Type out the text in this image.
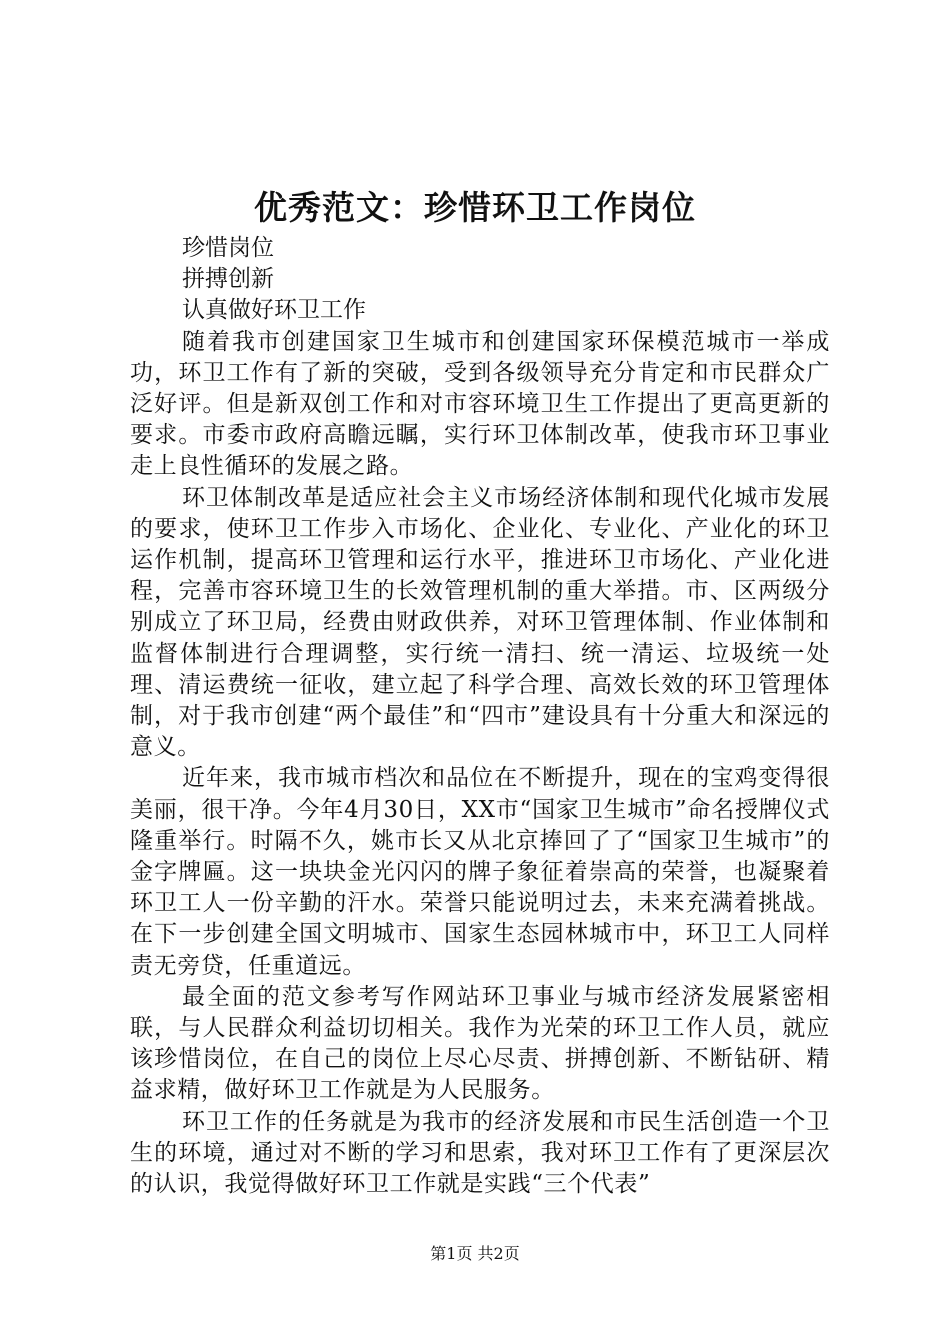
优秀范文：珍惜环卫工作岗位

珍惜岗位

拼搏创新

认真做好环卫工作

随着我市创建国家卫生城市和创建国家环保模范城市一举成功，环卫工作有了新的突破，受到各级领导充分肯定和市民群众广泛好评。但是新双创工作和对市容环境卫生工作提出了更高更新的要求。市委市政府高瞻远瞩，实行环卫体制改革，使我市环卫事业走上良性循环的发展之路。

环卫体制改革是适应社会主义市场经济体制和现代化城市发展的要求，使环卫工作步入市场化、企业化、专业化、产业化的环卫运作机制，提高环卫管理和运行水平，推进环卫市场化、产业化进程，完善市容环境卫生的长效管理机制的重大举措。市、区两级分别成立了环卫局，经费由财政供养，对环卫管理体制、作业体制和监督体制进行合理调整，实行统一清扫、统一清运、垃圾统一处理、清运费统一征收，建立起了科学合理、高效长效的环卫管理体制，对于我市创建“两个最佳”和“四市”建设具有十分重大和深远的意义。

近年来，我市城市档次和品位在不断提升，现在的宝鸡变得很美丽，很干净。今年4月30日，XX市“国家卫生城市”命名授牌仪式隆重举行。时隔不久，姚市长又从北京捧回了了“国家卫生城市”的金字牌匾。这一块块金光闪闪的牌子象征着崇高的荣誉，也凝聚着环卫工人一份辛勤的汗水。荣誉只能说明过去，未来充满着挑战。在下一步创建全国文明城市、国家生态园林城市中，环卫工人同样责无旁贷，任重道远。

最全面的范文参考写作网站环卫事业与城市经济发展紧密相联，与人民群众利益切切相关。我作为光荣的环卫工作人员，就应该珍惜岗位，在自己的岗位上尽心尽责、拼搏创新、不断钻研、精益求精，做好环卫工作就是为人民服务。

环卫工作的任务就是为我市的经济发展和市民生活创造一个卫生的环境，通过对不断的学习和思索，我对环卫工作有了更深层次的认识，我觉得做好环卫工作就是实践“三个代表”

第1页 共2页
